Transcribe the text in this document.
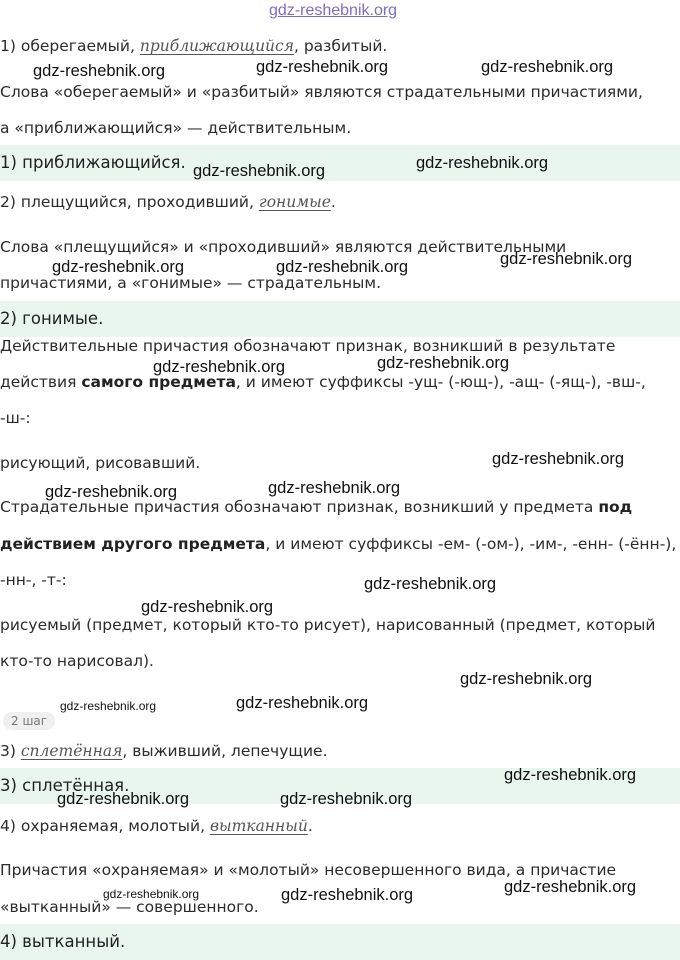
gdz-reshebnik.org
1) оберегаемый, приближающийся, разбитый.
Слова «оберегаемый» и «разбитый» являются страдательными причастиями,
а «приближающийся» — действительным.
1) приближающийся.
2) плещущийся, проходивший, гонимые.
Слова «плещущийся» и «проходивший» являются действительными
причастиями, а «гонимые» — страдательным.
2) гонимые.
Действительные причастия обозначают признак, возникший в результате
действия самого предмета, и имеют суффиксы -ущ- (-ющ-), -ащ- (-ящ-), -вш-,
-ш-:
рисующий, рисовавший.
Страдательные причастия обозначают признак, возникший у предмета под
действием другого предмета, и имеют суффиксы -ем- (-ом-), -им-, -енн- (-ённ-),
-нн-, -т-:
рисуемый (предмет, который кто-то рисует), нарисованный (предмет, который
кто-то нарисовал).
2 шаг
3) сплетённая, выживший, лепечущие.
3) сплетённая.
4) охраняемая, молотый, вытканный.
Причастия «охраняемая» и «молотый» несовершенного вида, а причастие
«вытканный» — совершенного.
4) вытканный.
gdz-reshebnik.org	gdz-reshebnik.org	gdz-reshebnik.org
gdz-reshebnik.org	gdz-reshebnik.org
gdz-reshebnik.org	gdz-reshebnik.org	gdz-reshebnik.org
gdz-reshebnik.org	gdz-reshebnik.org
gdz-reshebnik.org
gdz-reshebnik.org	gdz-reshebnik.org
gdz-reshebnik.org
gdz-reshebnik.org
gdz-reshebnik.org
gdz-reshebnik.org	gdz-reshebnik.org
gdz-reshebnik.org
gdz-reshebnik.org	gdz-reshebnik.org
gdz-reshebnik.org	gdz-reshebnik.org	gdz-reshebnik.org
